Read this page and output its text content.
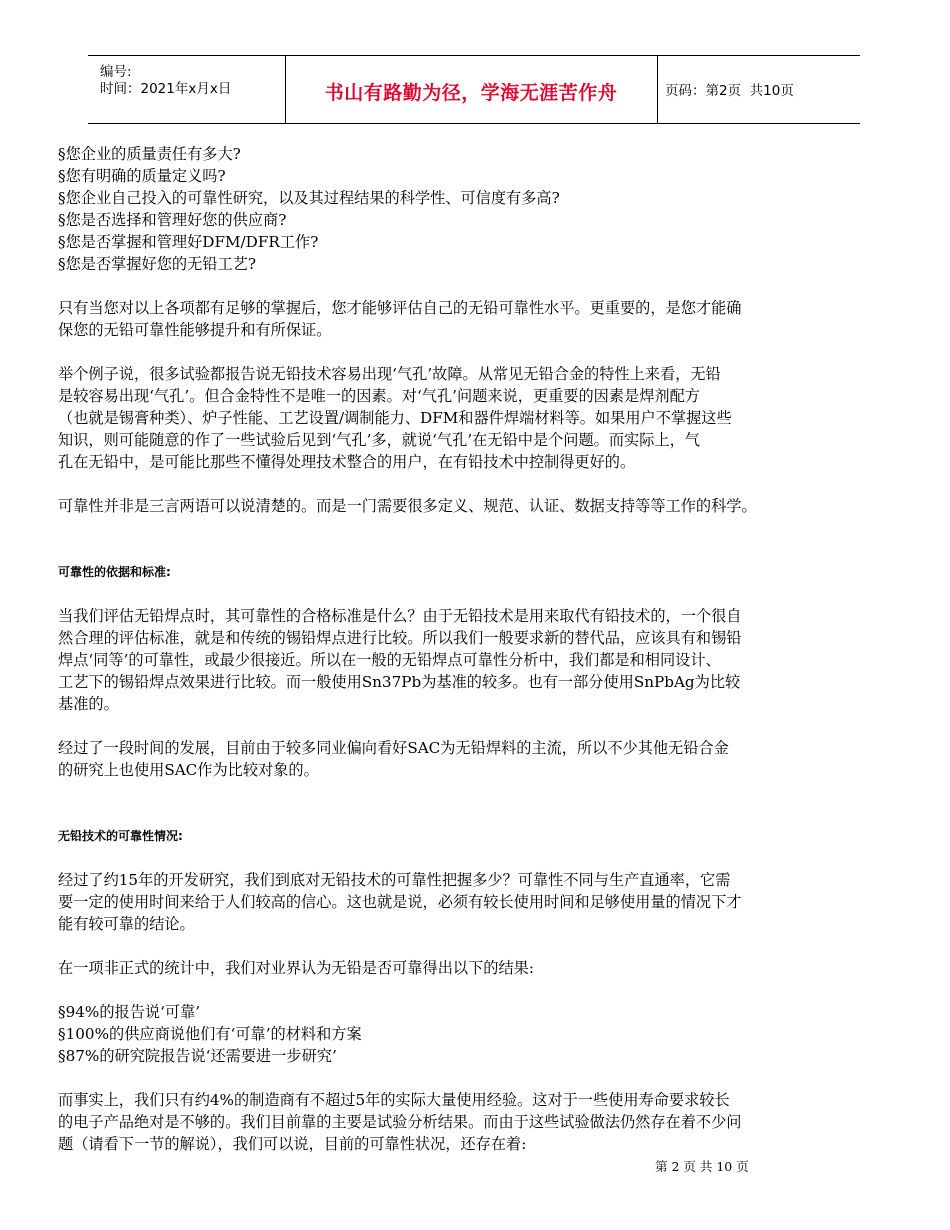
编号:
时间：2021年x月x日	书山有路勤为径，学海无涯苦作舟	页码：第2页  共10页
§您企业的质量责任有多大?
§您有明确的质量定义吗?
§您企业自己投入的可靠性研究，以及其过程结果的科学性、可信度有多高?
§您是否选择和管理好您的供应商?
§您是否掌握和管理好DFM/DFR工作?
§您是否掌握好您的无铅工艺?
只有当您对以上各项都有足够的掌握后，您才能够评估自己的无铅可靠性水平。更重要的，是您才能确
保您的无铅可靠性能够提升和有所保证。
举个例子说，很多试验都报告说无铅技术容易出现‘气孔’故障。从常见无铅合金的特性上来看，无铅
是较容易出现‘气孔’。但合金特性不是唯一的因素。对‘气孔’问题来说，更重要的因素是焊剂配方
（也就是锡膏种类）、炉子性能、工艺设置/调制能力、DFM和器件焊端材料等。如果用户不掌握这些
知识，则可能随意的作了一些试验后见到‘气孔’多，就说‘气孔’在无铅中是个问题。而实际上，气
孔在无铅中，是可能比那些不懂得处理技术整合的用户，在有铅技术中控制得更好的。
可靠性并非是三言两语可以说清楚的。而是一门需要很多定义、规范、认证、数据支持等等工作的科学。
可靠性的依据和标准:
当我们评估无铅焊点时，其可靠性的合格标准是什么？由于无铅技术是用来取代有铅技术的，一个很自
然合理的评估标准，就是和传统的锡铅焊点进行比较。所以我们一般要求新的替代品，应该具有和锡铅
焊点‘同等’的可靠性，或最少很接近。所以在一般的无铅焊点可靠性分析中，我们都是和相同设计、
工艺下的锡铅焊点效果进行比较。而一般使用Sn37Pb为基准的较多。也有一部分使用SnPbAg为比较
基准的。
经过了一段时间的发展，目前由于较多同业偏向看好SAC为无铅焊料的主流，所以不少其他无铅合金
的研究上也使用SAC作为比较对象的。
无铅技术的可靠性情况:
经过了约15年的开发研究，我们到底对无铅技术的可靠性把握多少？可靠性不同与生产直通率，它需
要一定的使用时间来给于人们较高的信心。这也就是说，必须有较长使用时间和足够使用量的情况下才
能有较可靠的结论。
在一项非正式的统计中，我们对业界认为无铅是否可靠得出以下的结果:
§94%的报告说‘可靠’
§100%的供应商说他们有‘可靠’的材料和方案
§87%的研究院报告说‘还需要进一步研究’
而事实上，我们只有约4%的制造商有不超过5年的实际大量使用经验。这对于一些使用寿命要求较长
的电子产品绝对是不够的。我们目前靠的主要是试验分析结果。而由于这些试验做法仍然存在着不少问
题（请看下一节的解说），我们可以说，目前的可靠性状况，还存在着:
第 2 页 共 10 页
